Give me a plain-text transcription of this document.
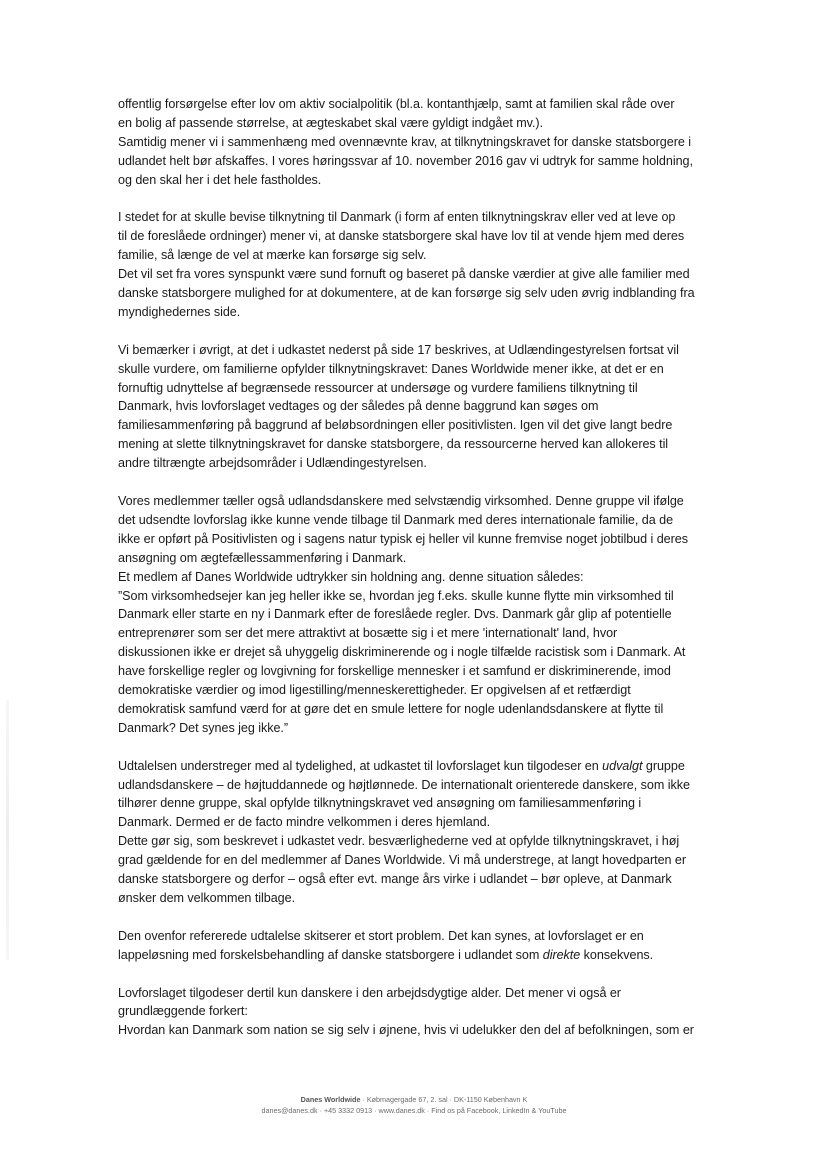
offentlig forsørgelse efter lov om aktiv socialpolitik (bl.a. kontanthjælp, samt at familien skal råde over
en bolig af passende størrelse, at ægteskabet skal være gyldigt indgået mv.).
Samtidig mener vi i sammenhæng med ovennævnte krav, at tilknytningskravet for danske statsborgere i
udlandet helt bør afskaffes. I vores høringssvar af 10. november 2016 gav vi udtryk for samme holdning,
og den skal her i det hele fastholdes.
I stedet for at skulle bevise tilknytning til Danmark (i form af enten tilknytningskrav eller ved at leve op
til de foreslåede ordninger) mener vi, at danske statsborgere skal have lov til at vende hjem med deres
familie, så længe de vel at mærke kan forsørge sig selv.
Det vil set fra vores synspunkt være sund fornuft og baseret på danske værdier at give alle familier med
danske statsborgere mulighed for at dokumentere, at de kan forsørge sig selv uden øvrig indblanding fra
myndighedernes side.
Vi bemærker i øvrigt, at det i udkastet nederst på side 17 beskrives, at Udlændingestyrelsen fortsat vil
skulle vurdere, om familierne opfylder tilknytningskravet: Danes Worldwide mener ikke, at det er en
fornuftig udnyttelse af begrænsede ressourcer at undersøge og vurdere familiens tilknytning til
Danmark, hvis lovforslaget vedtages og der således på denne baggrund kan søges om
familiesammenføring på baggrund af beløbsordningen eller positivlisten. Igen vil det give langt bedre
mening at slette tilknytningskravet for danske statsborgere, da ressourcerne herved kan allokeres til
andre tiltrængte arbejdsområder i Udlændingestyrelsen.
Vores medlemmer tæller også udlandsdanskere med selvstændig virksomhed. Denne gruppe vil ifølge
det udsendte lovforslag ikke kunne vende tilbage til Danmark med deres internationale familie, da de
ikke er opført på Positivlisten og i sagens natur typisk ej heller vil kunne fremvise noget jobtilbud i deres
ansøgning om ægtefællessammenføring i Danmark.
Et medlem af Danes Worldwide udtrykker sin holdning ang. denne situation således:
”Som virksomhedsejer kan jeg heller ikke se, hvordan jeg f.eks. skulle kunne flytte min virksomhed til
Danmark eller starte en ny i Danmark efter de foreslåede regler. Dvs. Danmark går glip af potentielle
entreprenører som ser det mere attraktivt at bosætte sig i et mere 'internationalt' land, hvor
diskussionen ikke er drejet så uhyggelig diskriminerende og i nogle tilfælde racistisk som i Danmark. At
have forskellige regler og lovgivning for forskellige mennesker i et samfund er diskriminerende, imod
demokratiske værdier og imod ligestilling/menneskerettigheder. Er opgivelsen af et retfærdigt
demokratisk samfund værd for at gøre det en smule lettere for nogle udenlandsdanskere at flytte til
Danmark? Det synes jeg ikke.”
Udtalelsen understreger med al tydelighed, at udkastet til lovforslaget kun tilgodeser en udvalgt gruppe
udlandsdanskere – de højtuddannede og højtlønnede. De internationalt orienterede danskere, som ikke
tilhører denne gruppe, skal opfylde tilknytningskravet ved ansøgning om familiesammenføring i
Danmark. Dermed er de facto mindre velkommen i deres hjemland.
Dette gør sig, som beskrevet i udkastet vedr. besværlighederne ved at opfylde tilknytningskravet, i høj
grad gældende for en del medlemmer af Danes Worldwide. Vi må understrege, at langt hovedparten er
danske statsborgere og derfor – også efter evt. mange års virke i udlandet – bør opleve, at Danmark
ønsker dem velkommen tilbage.
Den ovenfor refererede udtalelse skitserer et stort problem. Det kan synes, at lovforslaget er en
lappeløsning med forskelsbehandling af danske statsborgere i udlandet som direkte konsekvens.
Lovforslaget tilgodeser dertil kun danskere i den arbejdsdygtige alder. Det mener vi også er
grundlæggende forkert:
Hvordan kan Danmark som nation se sig selv i øjnene, hvis vi udelukker den del af befolkningen, som er
Danes Worldwide · Købmagergade 67, 2. sal · DK-1150 København K
danes@danes.dk · +45 3332 0913 · www.danes.dk · Find os på Facebook, LinkedIn & YouTube
